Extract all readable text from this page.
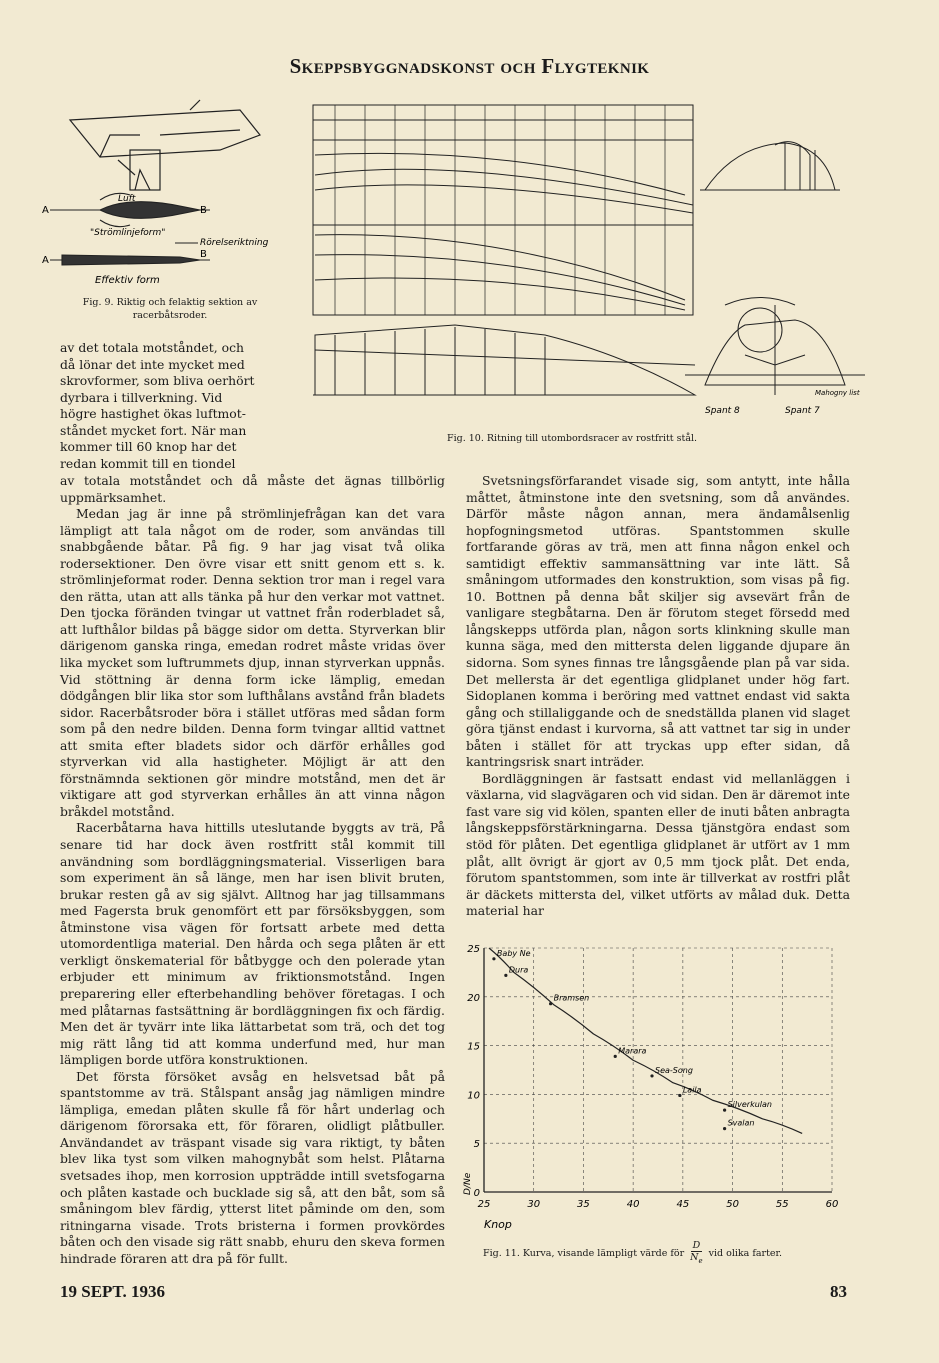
Skeppsbyggnadskonst och Flygteknik
A
Luft
B
"Strömlinjeform"
Rörelseriktning
A
B
Effektiv form
Fig. 9. Riktig och felaktig sektion av racerbåtsroder.
Spant 8	Spant 7
Mahogny list
Fig. 10. Ritning till utombordsracer av rostfritt stål.

av det totala motståndet, och

då lönar det inte mycket med

skrovformer, som bliva oerhört

dyrbara i tillverkning. Vid

högre hastighet ökas luftmot-

ståndet mycket fort. När man

kommer till 60 knop har det

redan kommit till en tiondel

av totala motståndet och då måste det ägnas tillbörlig uppmärksamhet.

Medan jag är inne på strömlinjefrågan kan det vara lämpligt att tala något om de roder, som användas till snabbgående båtar. På fig. 9 har jag visat två olika rodersektioner. Den övre visar ett snitt genom ett s. k. strömlinjeformat roder. Denna sektion tror man i regel vara den rätta, utan att alls tänka på hur den verkar mot vattnet. Den tjocka föränden tvingar ut vattnet från roderbladet så, att lufthålor bildas på bägge sidor om detta. Styrverkan blir därigenom ganska ringa, emedan rodret måste vridas över lika mycket som luftrummets djup, innan styrverkan uppnås. Vid stöttning är denna form icke lämplig, emedan dödgången blir lika stor som lufthålans avstånd från bladets sidor. Racerbåtsroder böra i stället utföras med sådan form som på den nedre bilden. Denna form tvingar alltid vattnet att smita efter bladets sidor och därför erhålles god styrverkan vid alla hastigheter. Möjligt är att den förstnämnda sektionen gör mindre motstånd, men det är viktigare att god styrverkan erhålles än att vinna någon bråkdel motstånd.

Racerbåtarna hava hittills uteslutande byggts av trä, På senare tid har dock även rostfritt stål kommit till användning som bordläggningsmaterial. Visserligen bara som experiment än så länge, men har isen blivit bruten, brukar resten gå av sig självt. Alltnog har jag tillsammans med Fagersta bruk genomfört ett par försöksbyggen, som åtminstone visa vägen för fortsatt arbete med detta utomordentliga material. Den hårda och sega plåten är ett verkligt önskematerial för båtbygge och den polerade ytan erbjuder ett minimum av friktionsmotstånd. Ingen preparering eller efterbehandling behöver företagas. I och med plåtarnas fastsättning är bordläggningen fix och färdig. Men det är tyvärr inte lika lättarbetat som trä, och det tog mig rätt lång tid att komma underfund med, hur man lämpligen borde utföra konstruktionen.

Det första försöket avsåg en helsvetsad båt på spantstomme av trä. Stålspant ansåg jag nämligen mindre lämpliga, emedan plåten skulle få för hårt underlag och därigenom förorsaka ett, för föraren, olidligt plåtbuller. Användandet av träspant visade sig vara riktigt, ty båten blev lika tyst som vilken mahognybåt som helst. Plåtarna svetsades ihop, men korrosion uppträdde intill svetsfogarna och plåten kastade och bucklade sig så, att den båt, som så småningom blev färdig, ytterst litet påminde om den, som ritningarna visade. Trots bristerna i formen provkördes båten och den visade sig rätt snabb, ehuru den skeva formen hindrade föraren att dra på för fullt.

Svetsningsförfarandet visade sig, som antytt, inte hålla måttet, åtminstone inte den svetsning, som då användes. Därför måste någon annan, mera ändamålsenlig hopfogningsmetod utföras. Spantstommen skulle fortfarande göras av trä, men att finna någon enkel och samtidigt effektiv sammansättning var inte lätt. Så småningom utformades den konstruktion, som visas på fig. 10. Bottnen på denna båt skiljer sig avsevärt från de vanligare stegbåtarna. Den är förutom steget försedd med långskepps utförda plan, någon sorts klinkning skulle man kunna säga, med den mittersta delen liggande djupare än sidorna. Som synes finnas tre långsgående plan på var sida. Det mellersta är det egentliga glidplanet under hög fart. Sidoplanen komma i beröring med vattnet endast vid sakta gång och stillaliggande och de snedställda planen vid slaget göra tjänst endast i kurvorna, så att vattnet tar sig in under båten i stället för att tryckas upp efter sidan, då kantringsrisk snart inträder.

Bordläggningen är fastsatt endast vid mellanläggen i växlarna, vid slagvägaren och vid sidan. Den är däremot inte fast vare sig vid kölen, spanten eller de inuti båten anbragta långskeppsförstärkningarna. Dessa tjänstgöra endast som stöd för plåten. Det egentliga glidplanet är utfört av 1 mm plåt, allt övrigt är gjort av 0,5 mm tjock plåt. Det enda, förutom spantstommen, som inte är tillverkat av rostfri plåt är däckets mittersta del, vilket utförts av målad duk. Detta material har

25	30	35	40	45	50	55	60
0
5
10
15
20
25 Baby Ne
Dura
Bramsen
Marara
Sea-Song
Laila
Silverkulan
Svalan
Knop
D/Ne
Fig. 11. Kurva, visande lämpligt värde för $\frac{D}{N_e}$ vid olika farter.
19 SEPT. 1936	83
